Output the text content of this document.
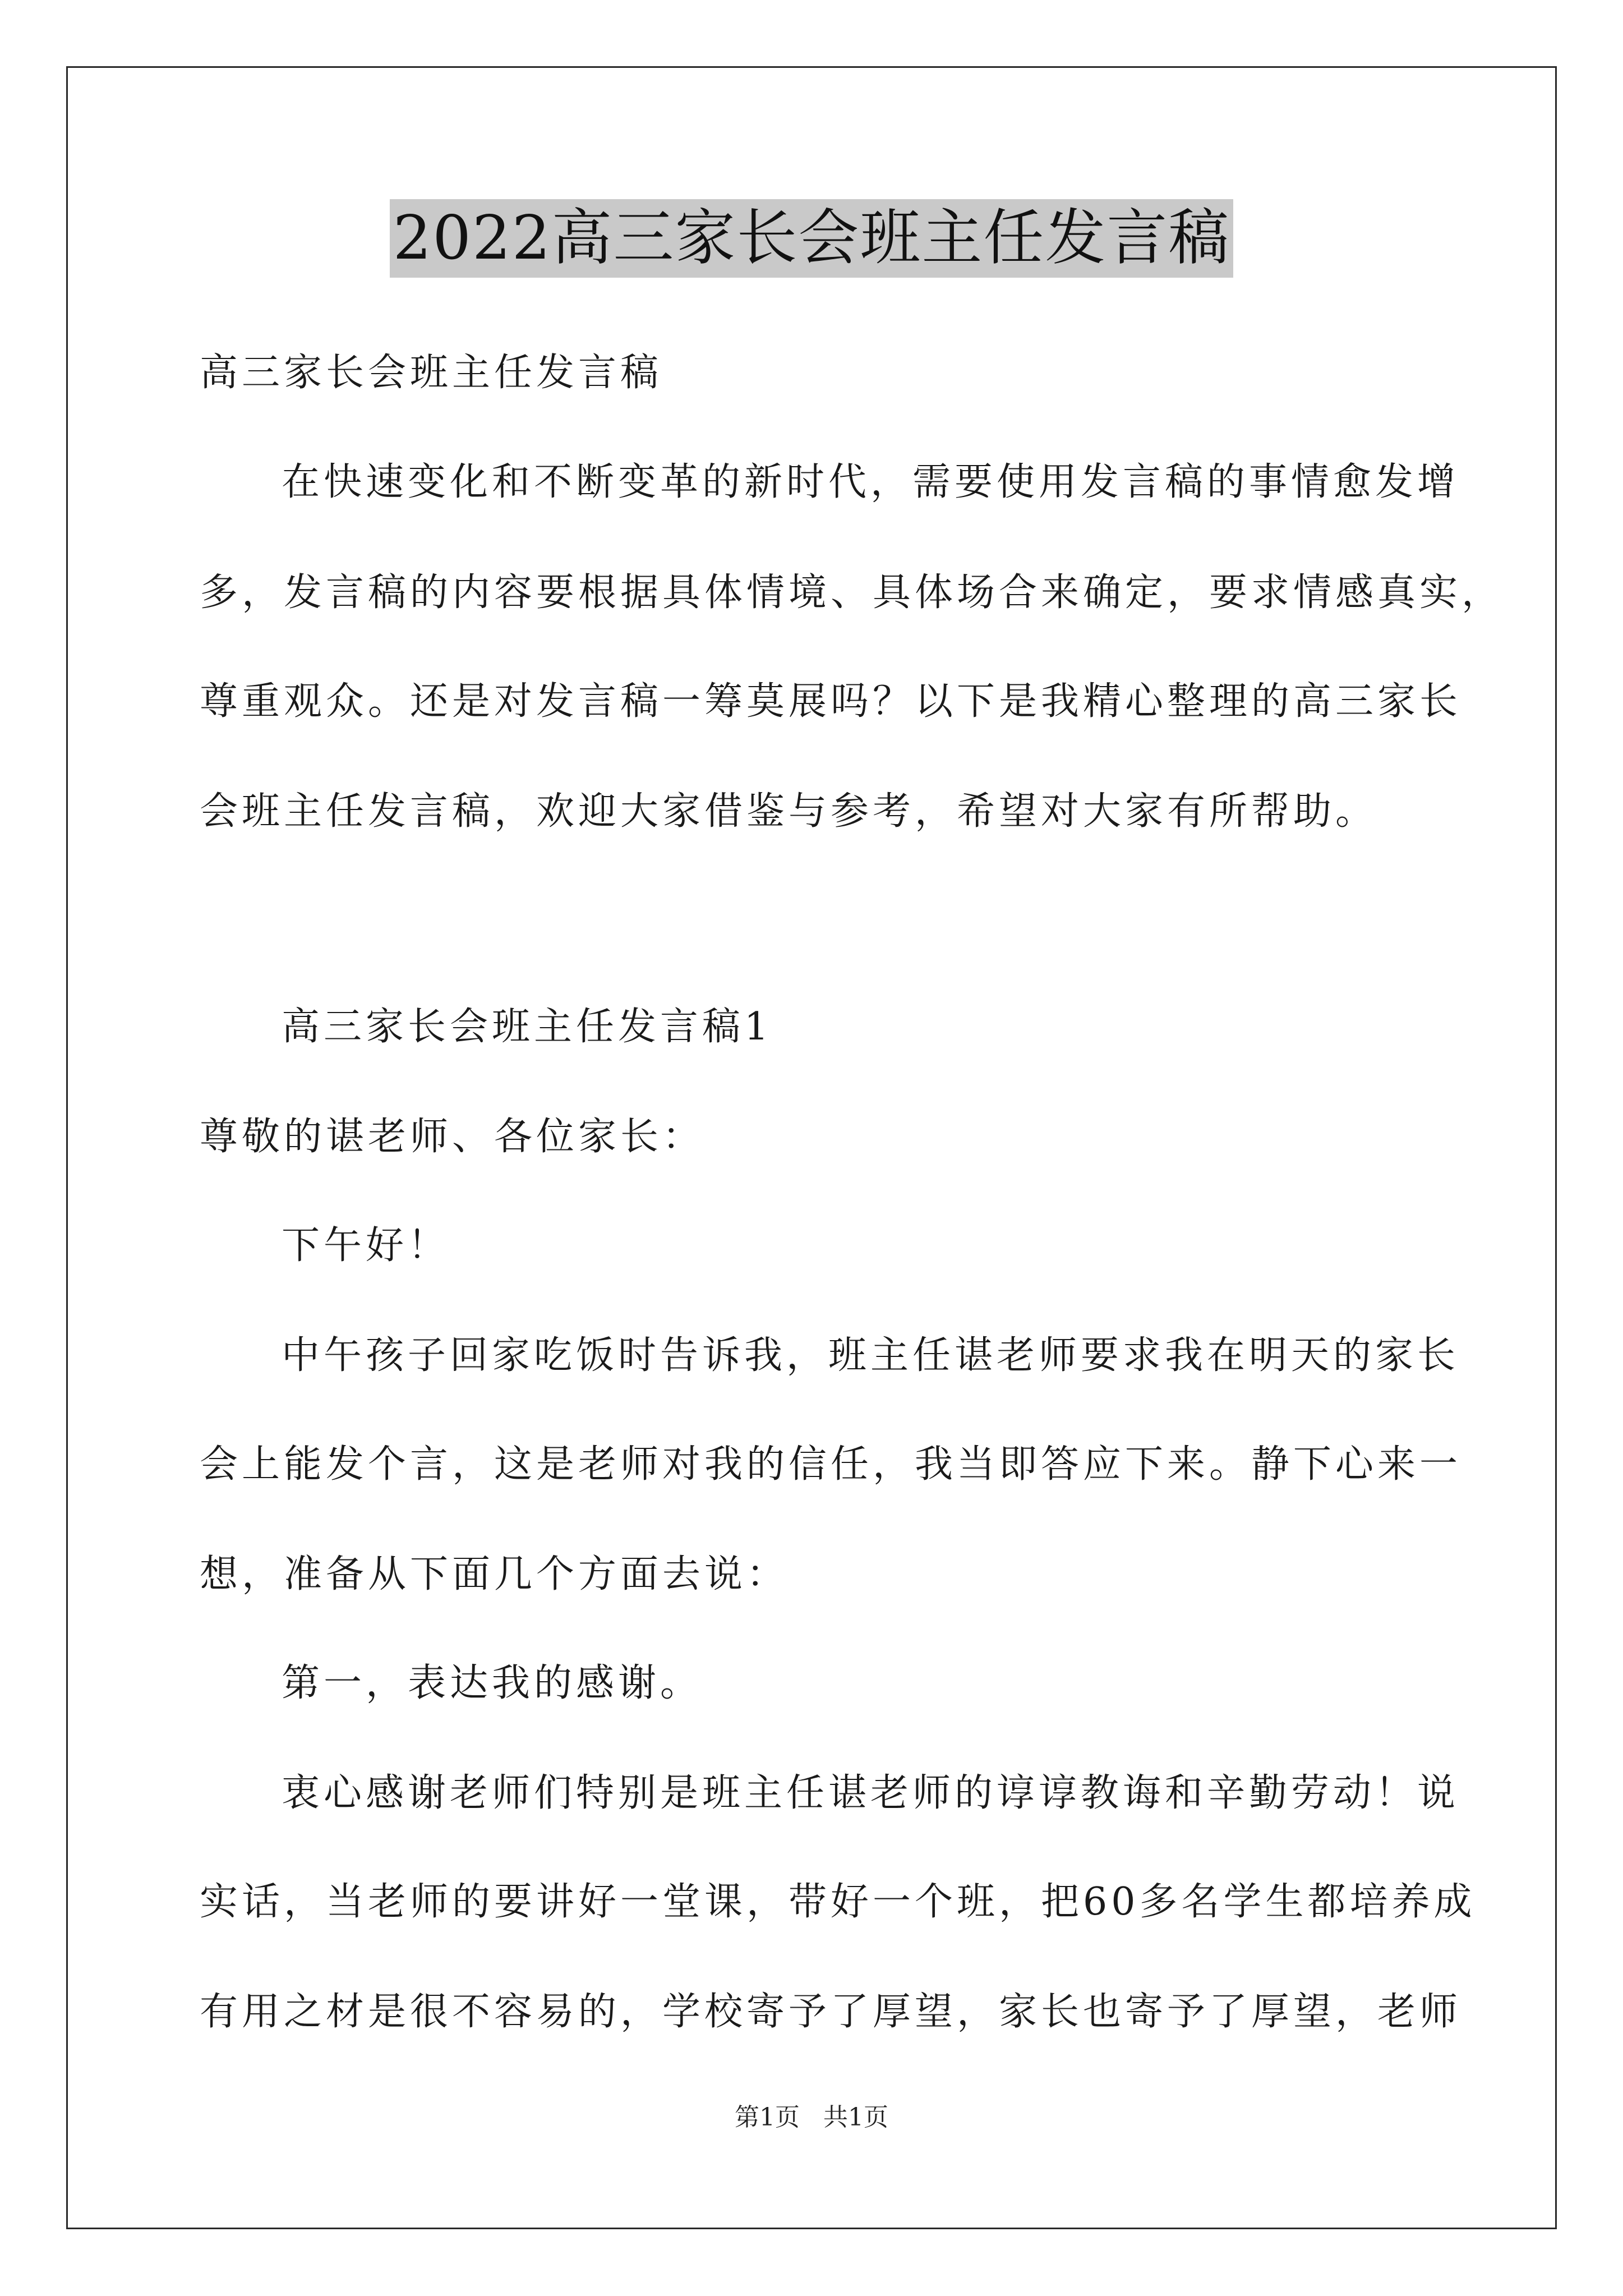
2022高三家长会班主任发言稿
高三家长会班主任发言稿
在快速变化和不断变革的新时代，需要使用发言稿的事情愈发增
多，发言稿的内容要根据具体情境、具体场合来确定，要求情感真实，
尊重观众。还是对发言稿一筹莫展吗？以下是我精心整理的高三家长
会班主任发言稿，欢迎大家借鉴与参考，希望对大家有所帮助。
高三家长会班主任发言稿1
尊敬的谌老师、各位家长：
下午好！
中午孩子回家吃饭时告诉我，班主任谌老师要求我在明天的家长
会上能发个言，这是老师对我的信任，我当即答应下来。静下心来一
想，准备从下面几个方面去说：
第一，表达我的感谢。
衷心感谢老师们特别是班主任谌老师的谆谆教诲和辛勤劳动！说
实话，当老师的要讲好一堂课，带好一个班，把60多名学生都培养成
有用之材是很不容易的，学校寄予了厚望，家长也寄予了厚望，老师
第1页 共1页
